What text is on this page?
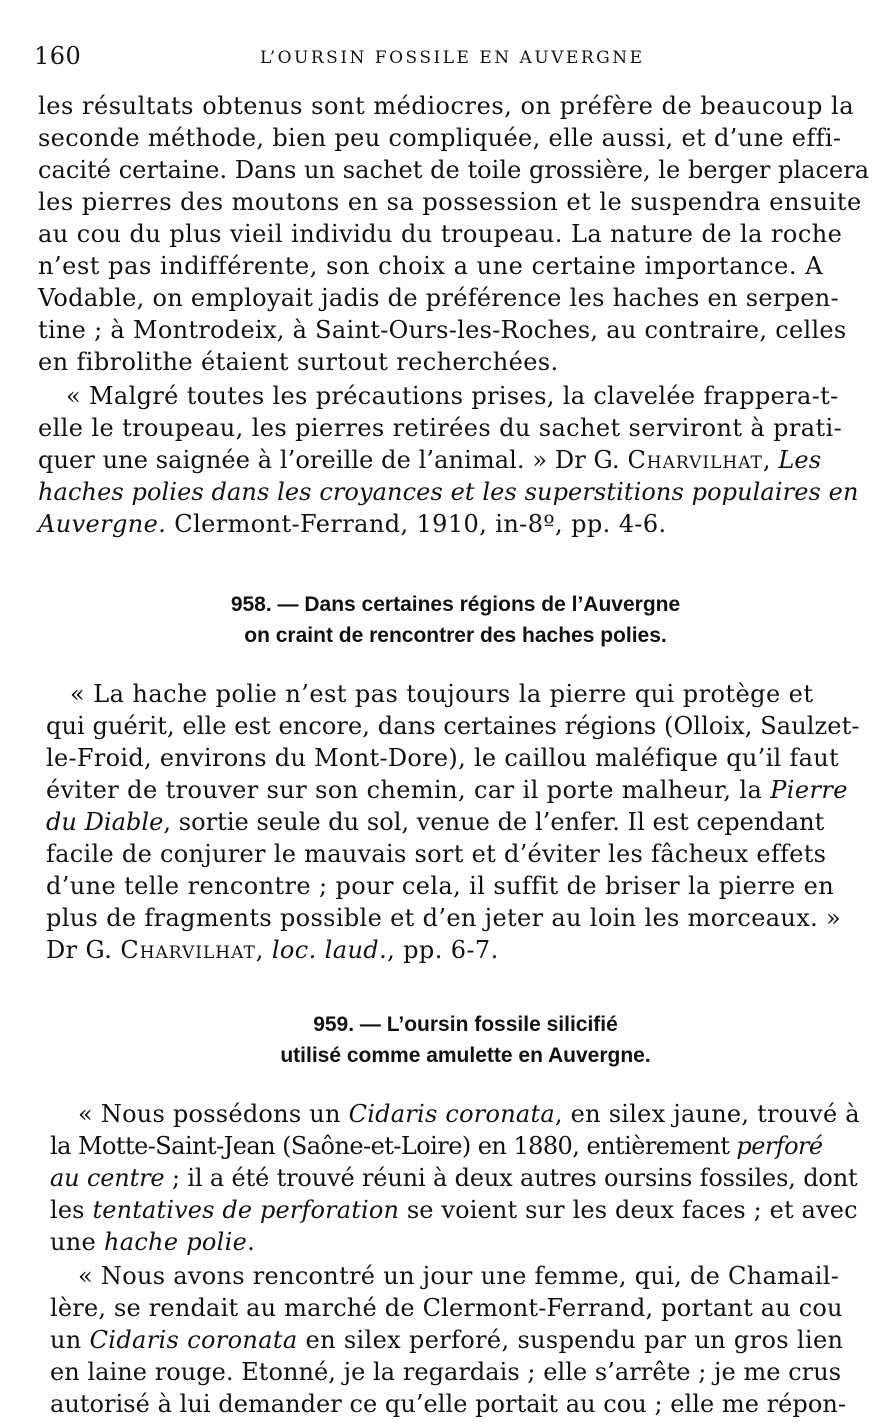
160	L’OURSIN FOSSILE EN AUVERGNE
les résultats obtenus sont médiocres, on préfère de beaucoup la
seconde méthode, bien peu compliquée, elle aussi, et d’une effi-
cacité certaine. Dans un sachet de toile grossière, le berger placera
les pierres des moutons en sa possession et le suspendra ensuite
au cou du plus vieil individu du troupeau. La nature de la roche
n’est pas indifférente, son choix a une certaine importance. A
Vodable, on employait jadis de préférence les haches en serpen-
tine ; à Montrodeix, à Saint-Ours-les-Roches, au contraire, celles
en fibrolithe étaient surtout recherchées.
« Malgré toutes les précautions prises, la clavelée frappera-t-
elle le troupeau, les pierres retirées du sachet serviront à prati-
quer une saignée à l’oreille de l’animal. » Dr G. Charvilhat, Les
haches polies dans les croyances et les superstitions populaires en
Auvergne. Clermont-Ferrand, 1910, in-8º, pp. 4-6.
958. — Dans certaines régions de l’Auvergne
on craint de rencontrer des haches polies.
« La hache polie n’est pas toujours la pierre qui protège et
qui guérit, elle est encore, dans certaines régions (Olloix, Saulzet-
le-Froid, environs du Mont-Dore), le caillou maléfique qu’il faut
éviter de trouver sur son chemin, car il porte malheur, la Pierre
du Diable, sortie seule du sol, venue de l’enfer. Il est cependant
facile de conjurer le mauvais sort et d’éviter les fâcheux effets
d’une telle rencontre ; pour cela, il suffit de briser la pierre en
plus de fragments possible et d’en jeter au loin les morceaux. »
Dr G. Charvilhat, loc. laud., pp. 6-7.
959. — L’oursin fossile silicifié
utilisé comme amulette en Auvergne.
« Nous possédons un Cidaris coronata, en silex jaune, trouvé à
la Motte-Saint-Jean (Saône-et-Loire) en 1880, entièrement perforé
au centre ; il a été trouvé réuni à deux autres oursins fossiles, dont
les tentatives de perforation se voient sur les deux faces ; et avec
une hache polie.
« Nous avons rencontré un jour une femme, qui, de Chamail-
lère, se rendait au marché de Clermont-Ferrand, portant au cou
un Cidaris coronata en silex perforé, suspendu par un gros lien
en laine rouge. Etonné, je la regardais ; elle s’arrête ; je me crus
autorisé à lui demander ce qu’elle portait au cou ; elle me répon-
